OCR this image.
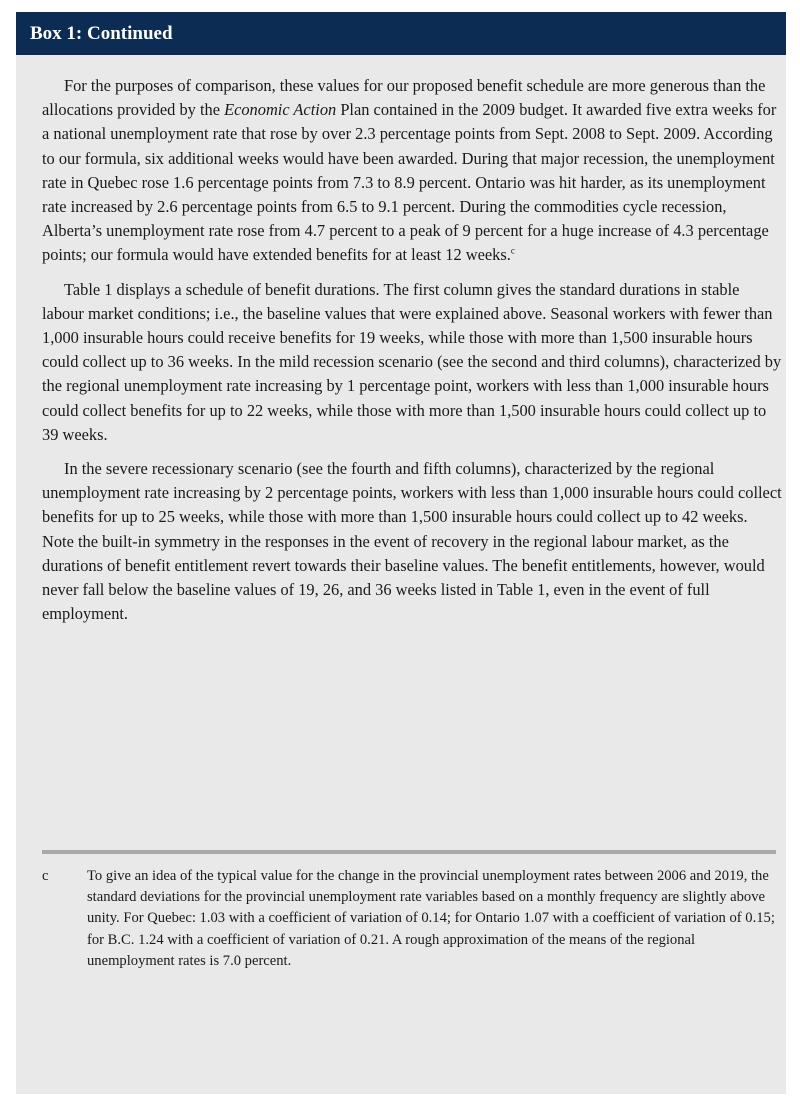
Box 1: Continued

For the purposes of comparison, these values for our proposed benefit schedule are more generous than the allocations provided by the Economic Action Plan contained in the 2009 budget. It awarded five extra weeks for a national unemployment rate that rose by over 2.3 percentage points from Sept. 2008 to Sept. 2009. According to our formula, six additional weeks would have been awarded. During that major recession, the unemployment rate in Quebec rose 1.6 percentage points from 7.3 to 8.9 percent. Ontario was hit harder, as its unemployment rate increased by 2.6 percentage points from 6.5 to 9.1 percent. During the commodities cycle recession, Alberta’s unemployment rate rose from 4.7 percent to a peak of 9 percent for a huge increase of 4.3 percentage points; our formula would have extended benefits for at least 12 weeks.$^c$

Table 1 displays a schedule of benefit durations. The first column gives the standard durations in stable labour market conditions; i.e., the baseline values that were explained above. Seasonal workers with fewer than 1,000 insurable hours could receive benefits for 19 weeks, while those with more than 1,500 insurable hours could collect up to 36 weeks. In the mild recession scenario (see the second and third columns), characterized by the regional unemployment rate increasing by 1 percentage point, workers with less than 1,000 insurable hours could collect benefits for up to 22 weeks, while those with more than 1,500 insurable hours could collect up to 39 weeks.

In the severe recessionary scenario (see the fourth and fifth columns), characterized by the regional unemployment rate increasing by 2 percentage points, workers with less than 1,000 insurable hours could collect benefits for up to 25 weeks, while those with more than 1,500 insurable hours could collect up to 42 weeks. Note the built-in symmetry in the responses in the event of recovery in the regional labour market, as the durations of benefit entitlement revert towards their baseline values. The benefit entitlements, however, would never fall below the baseline values of 19, 26, and 36 weeks listed in Table 1, even in the event of full employment.

c	To give an idea of the typical value for the change in the provincial unemployment rates between 2006 and 2019, the standard deviations for the provincial unemployment rate variables based on a monthly frequency are slightly above unity. For Quebec: 1.03 with a coefficient of variation of 0.14; for Ontario 1.07 with a coefficient of variation of 0.15; for B.C. 1.24 with a coefficient of variation of 0.21. A rough approximation of the means of the regional unemployment rates is 7.0 percent.
